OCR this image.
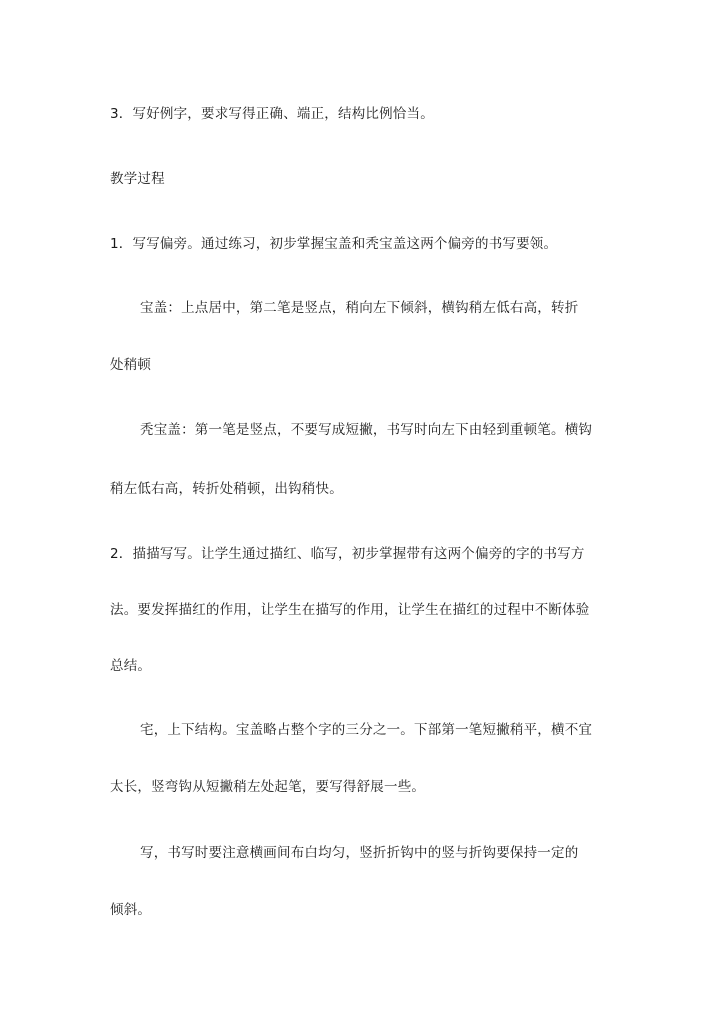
3．写好例字，要求写得正确、端正，结构比例恰当。
教学过程
1．写写偏旁。通过练习，初步掌握宝盖和秃宝盖这两个偏旁的书写要领。
宝盖：上点居中，第二笔是竖点，稍向左下倾斜，横钩稍左低右高，转折
处稍顿
秃宝盖：第一笔是竖点，不要写成短撇，书写时向左下由轻到重顿笔。横钩
稍左低右高，转折处稍顿，出钩稍快。
2．描描写写。让学生通过描红、临写，初步掌握带有这两个偏旁的字的书写方
法。要发挥描红的作用，让学生在描写的作用，让学生在描红的过程中不断体验
总结。
宅，上下结构。宝盖略占整个字的三分之一。下部第一笔短撇稍平，横不宜
太长，竖弯钩从短撇稍左处起笔，要写得舒展一些。
写，书写时要注意横画间布白均匀，竖折折钩中的竖与折钩要保持一定的
倾斜。
